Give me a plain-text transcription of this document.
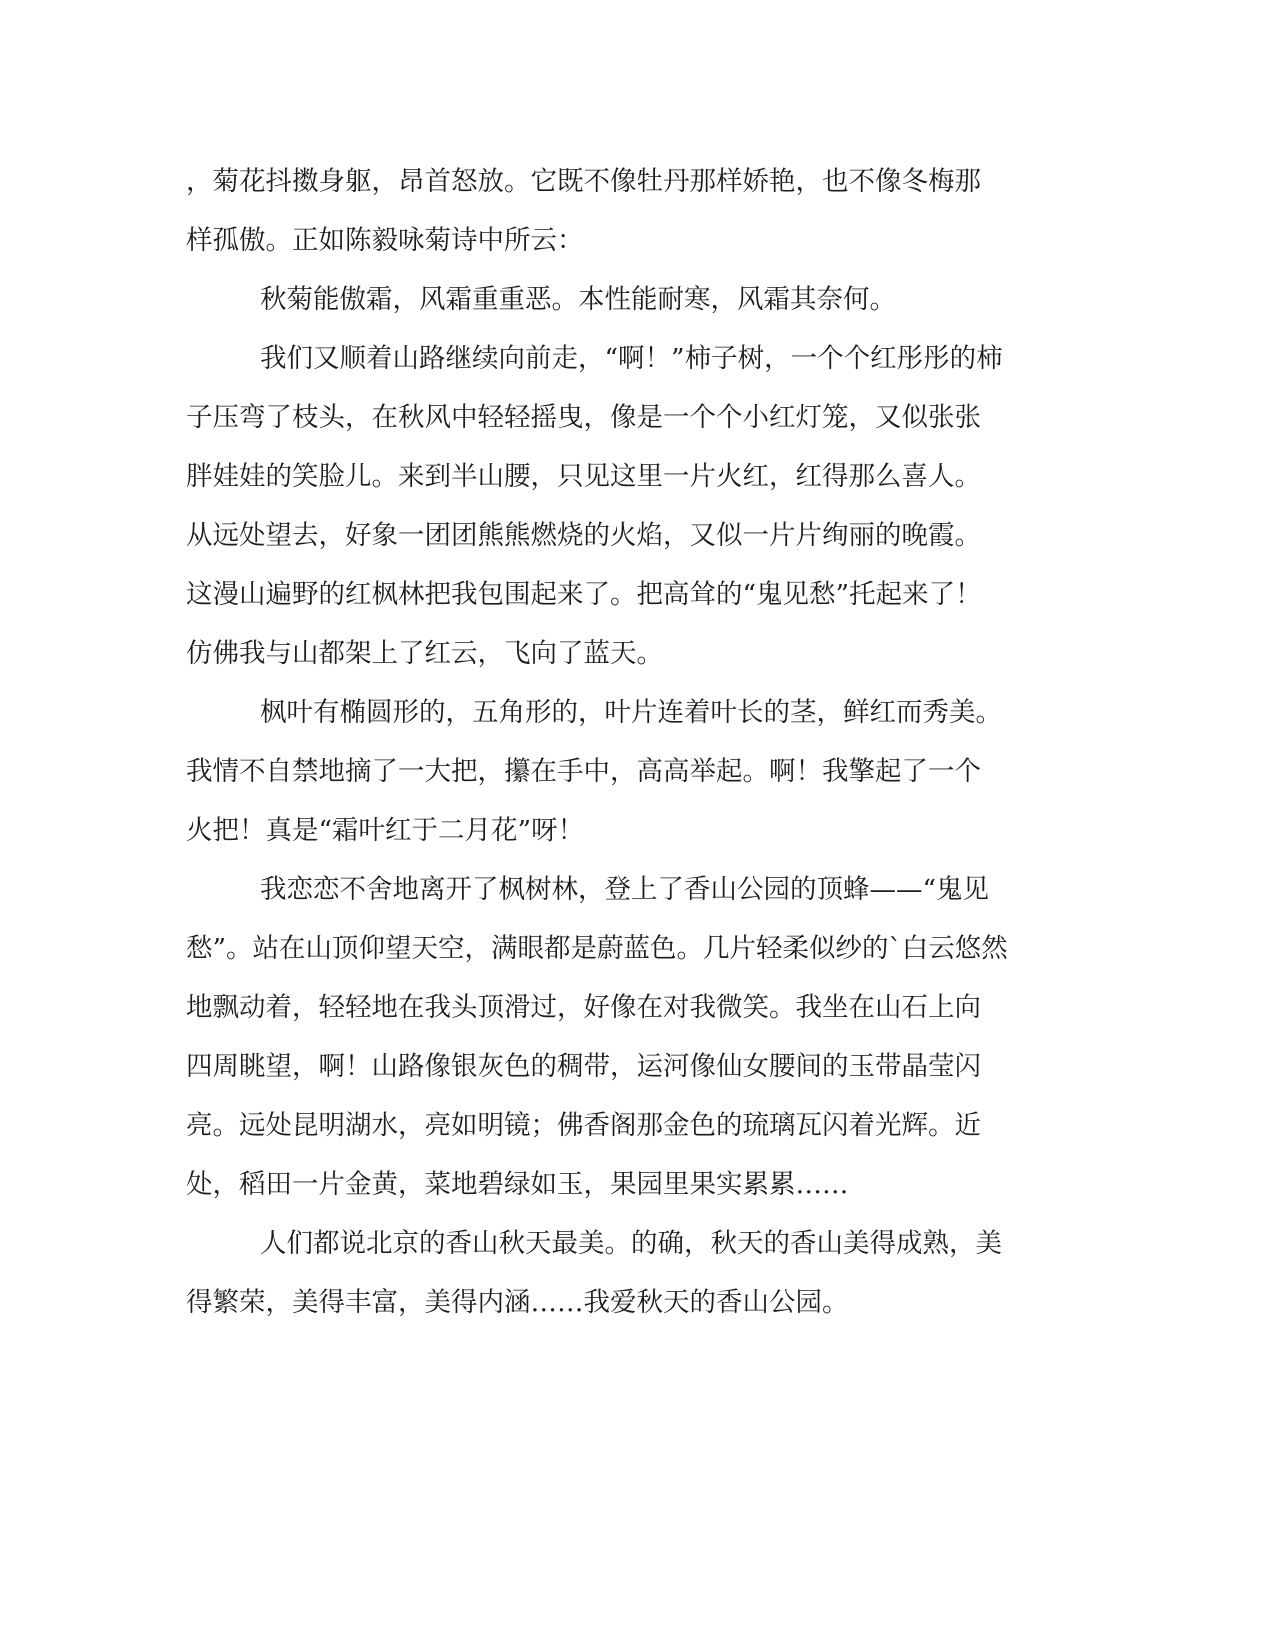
，菊花抖擞身躯，昂首怒放。它既不像牡丹那样娇艳，也不像冬梅那
样孤傲。正如陈毅咏菊诗中所云：
秋菊能傲霜，风霜重重恶。本性能耐寒，风霜其奈何。
我们又顺着山路继续向前走，“啊！”柿子树，一个个红彤彤的柿
子压弯了枝头，在秋风中轻轻摇曳，像是一个个小红灯笼，又似张张
胖娃娃的笑脸儿。来到半山腰，只见这里一片火红，红得那么喜人。
从远处望去，好象一团团熊熊燃烧的火焰，又似一片片绚丽的晚霞。
这漫山遍野的红枫林把我包围起来了。把高耸的“鬼见愁”托起来了！
仿佛我与山都架上了红云，飞向了蓝天。
枫叶有椭圆形的，五角形的，叶片连着叶长的茎，鲜红而秀美。
我情不自禁地摘了一大把，攥在手中，高高举起。啊！我擎起了一个
火把！真是“霜叶红于二月花”呀！
我恋恋不舍地离开了枫树林，登上了香山公园的顶蜂——“鬼见
愁”。站在山顶仰望天空，满眼都是蔚蓝色。几片轻柔似纱的`白云悠然
地飘动着，轻轻地在我头顶滑过，好像在对我微笑。我坐在山石上向
四周眺望，啊！山路像银灰色的稠带，运河像仙女腰间的玉带晶莹闪
亮。远处昆明湖水，亮如明镜；佛香阁那金色的琉璃瓦闪着光辉。近
处，稻田一片金黄，菜地碧绿如玉，果园里果实累累……
人们都说北京的香山秋天最美。的确，秋天的香山美得成熟，美
得繁荣，美得丰富，美得内涵……我爱秋天的香山公园。
